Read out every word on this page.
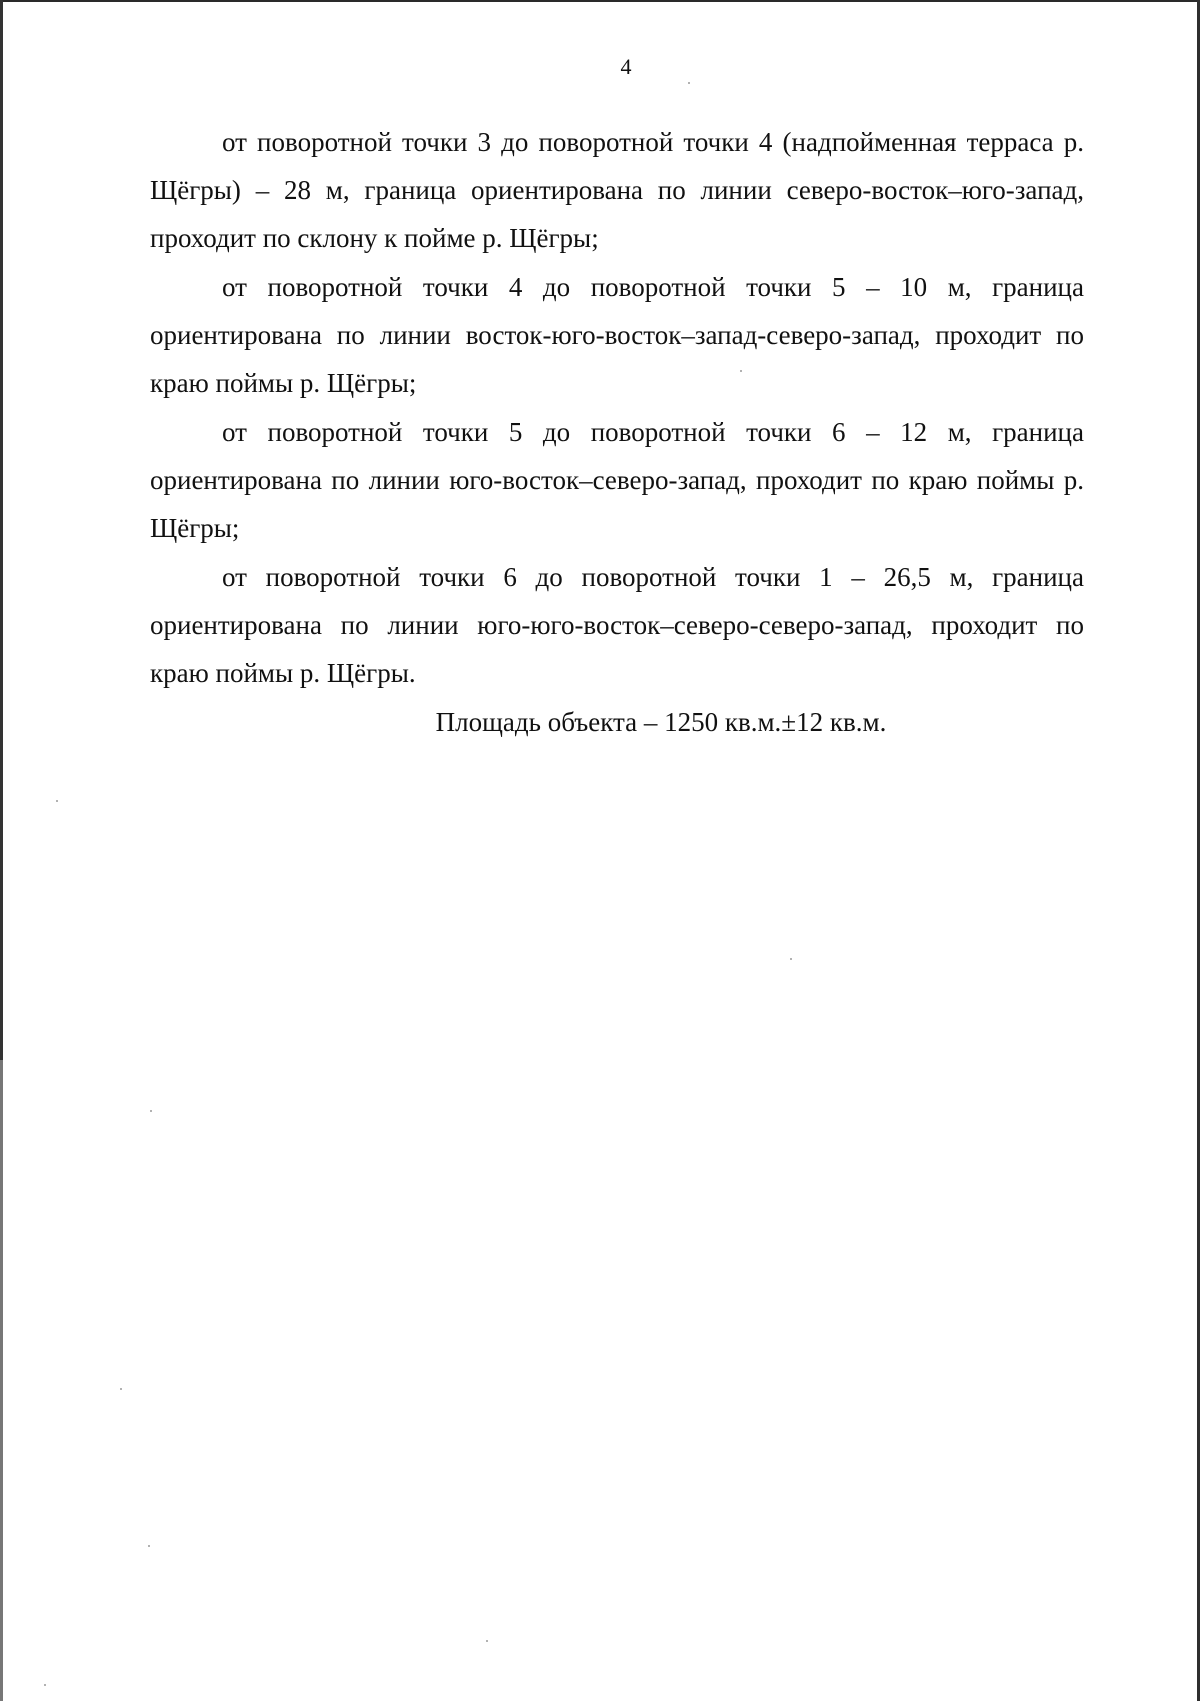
4

от поворотной точки 3 до поворотной точки 4 (надпойменная терраса р. Щёгры) – 28 м, граница ориентирована по линии северо-восток–юго-запад, проходит по склону к пойме р. Щёгры;

от поворотной точки 4 до поворотной точки 5 – 10 м, граница ориентирована по линии восток-юго-восток–запад-северо-запад, проходит по краю поймы р. Щёгры;

от поворотной точки 5 до поворотной точки 6 – 12 м, граница ориентирована по линии юго-восток–северо-запад, проходит по краю поймы р. Щёгры;

от поворотной точки 6 до поворотной точки 1 – 26,5 м, граница ориентирована по линии юго-юго-восток–северо-северо-запад, проходит по краю поймы р. Щёгры.

Площадь объекта – 1250 кв.м.±12 кв.м.
